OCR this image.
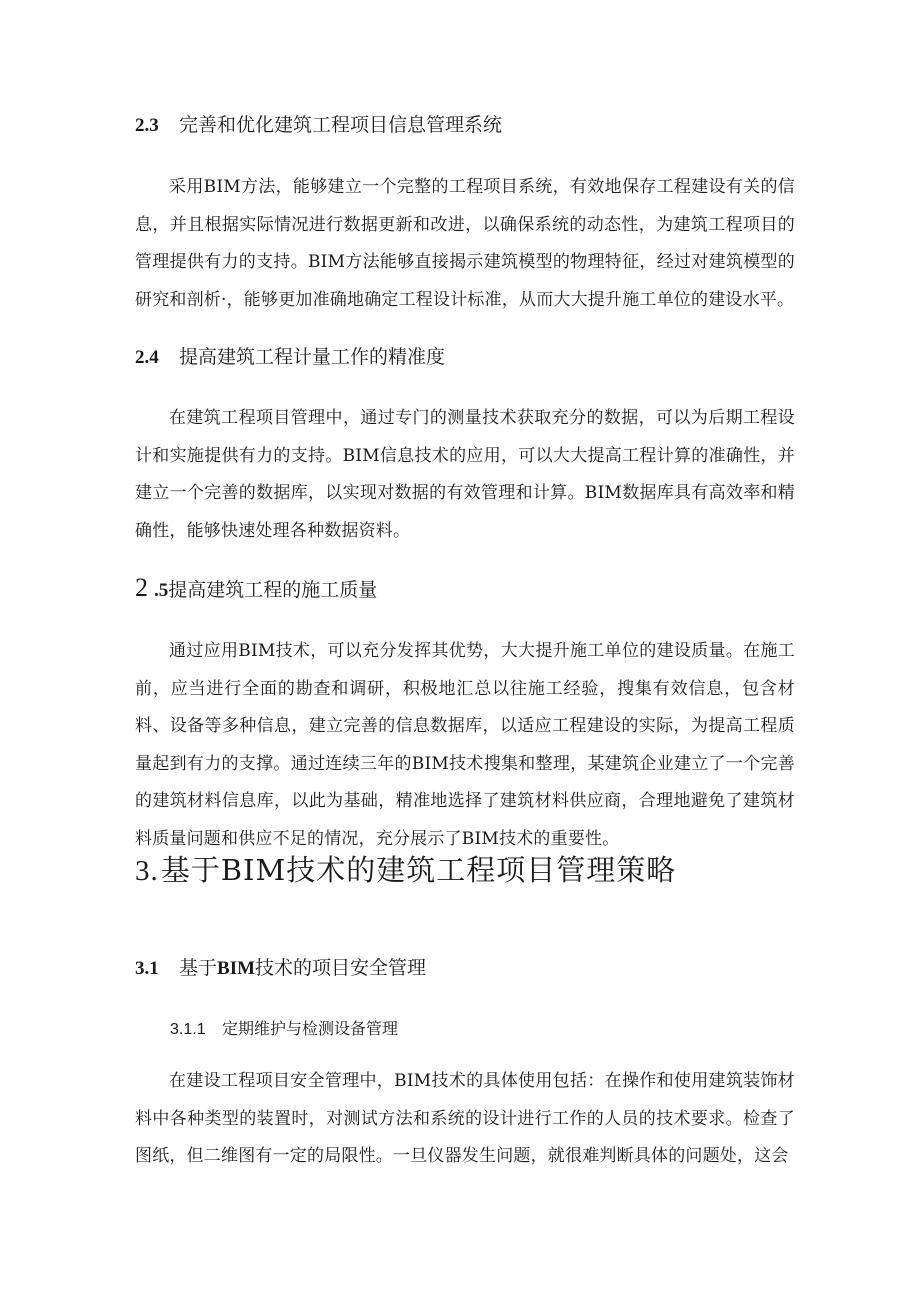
2.3 完善和优化建筑工程项目信息管理系统

采用BIM方法，能够建立一个完整的工程项目系统，有效地保存工程建设有关的信息，并且根据实际情况进行数据更新和改进，以确保系统的动态性，为建筑工程项目的管理提供有力的支持。BIM方法能够直接揭示建筑模型的物理特征，经过对建筑模型的研究和剖析·，能够更加准确地确定工程设计标准，从而大大提升施工单位的建设水平。

2.4 提高建筑工程计量工作的精准度

在建筑工程项目管理中，通过专门的测量技术获取充分的数据，可以为后期工程设计和实施提供有力的支持。BIM信息技术的应用，可以大大提高工程计算的准确性，并建立一个完善的数据库，以实现对数据的有效管理和计算。BIM数据库具有高效率和精确性，能够快速处理各种数据资料。

2 .5提高建筑工程的施工质量

通过应用BIM技术，可以充分发挥其优势，大大提升施工单位的建设质量。在施工前，应当进行全面的勘查和调研，积极地汇总以往施工经验，搜集有效信息，包含材料、设备等多种信息，建立完善的信息数据库，以适应工程建设的实际，为提高工程质量起到有力的支撑。通过连续三年的BIM技术搜集和整理，某建筑企业建立了一个完善的建筑材料信息库，以此为基础，精准地选择了建筑材料供应商，合理地避免了建筑材料质量问题和供应不足的情况，充分展示了BIM技术的重要性。

3.基于BIM技术的建筑工程项目管理策略
3.1 基于BIM技术的项目安全管理
3.1.1 定期维护与检测设备管理

在建设工程项目安全管理中，BIM技术的具体使用包括：在操作和使用建筑装饰材料中各种类型的装置时，对测试方法和系统的设计进行工作的人员的技术要求。检查了图纸，但二维图有一定的局限性。一旦仪器发生问题，就很难判断具体的问题处，这会
